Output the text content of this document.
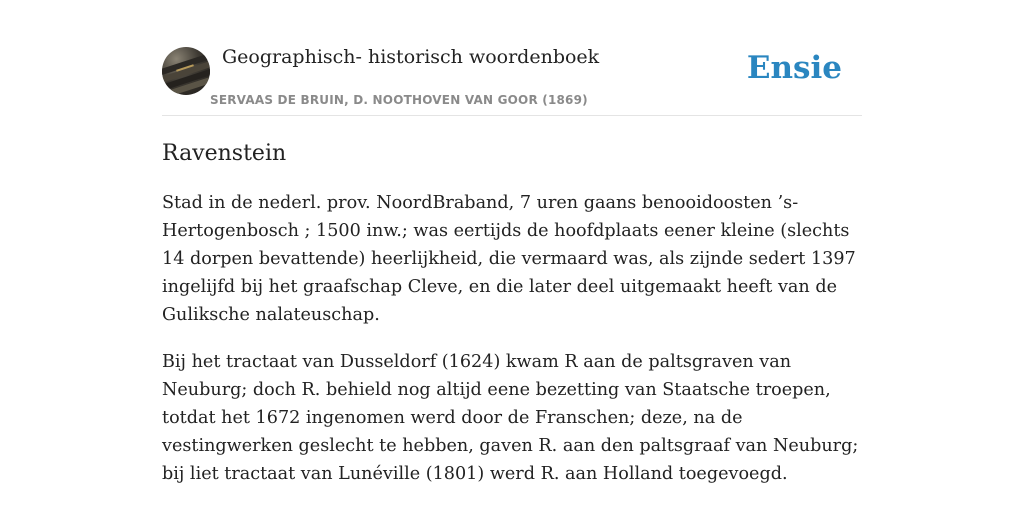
Geographisch- historisch woordenboek
SERVAAS DE BRUIN, D. NOOTHOVEN VAN GOOR (1869)
Ensie
Ravenstein

Stad in de nederl. prov. NoordBraband, 7 uren gaans benooidoosten ’s-Hertogenbosch ; 1500 inw.; was eertijds de hoofdplaats eener kleine (slechts 14 dorpen bevattende) heerlijkheid, die vermaard was, als zijnde sedert 1397 ingelijfd bij het graafschap Cleve, en die later deel uitgemaakt heeft van de Guliksche nalateuschap.

Bij het tractaat van Dusseldorf (1624) kwam R aan de paltsgraven van Neuburg; doch R. behield nog altijd eene bezetting van Staatsche troepen, totdat het 1672 ingenomen werd door de Franschen; deze, na de vestingwerken geslecht te hebben, gaven R. aan den paltsgraaf van Neuburg; bij liet tractaat van Lunéville (1801) werd R. aan Holland toegevoegd.
